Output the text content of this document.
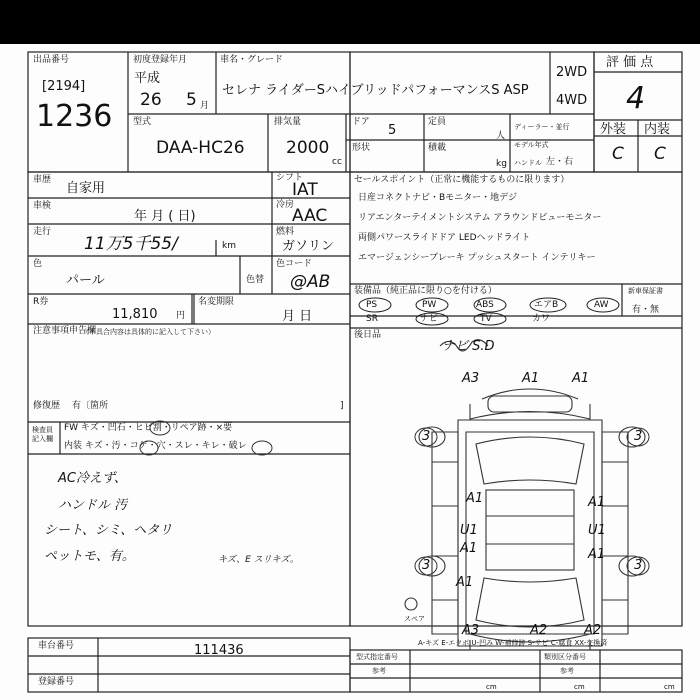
出品番号
[2194]
1236
初度登録年月
平成
26 5 月
車名・グレード
セレナ ライダーSハイブリッドパフォーマンスS ASP
2WD
4WD
評 価 点
4
外装 内装
C C
型式
DAA-HC26
排気量
2000
cc
ドア
5
形状
定員
人
積載
kg
ディーラー・並行
モデル年式
ハンドル 左・右
車歴
自家用
車検
年 月 ( 日)
走行
11万5千55/	km
色
パール	色替
R券
11,810 円
名変期限
月 日
シフト
IAT
冷房
AAC
燃料
ガソリン
色コード
@AB
セールスポイント（正常に機能するものに限ります）
日産コネクトナビ・Bモニター・地デジ
リアエンターテイメントシステム アラウンドビューモニター
両側パワースライドドア LEDヘッドライト
エマージェンシーブレーキ プッシュスタート インテリキー
装備品（純正品に限り○を付ける）
PS	PW	ABS	エアB	AW
SR	ナビ	TV	カワ
新車保証書
有・無
後日品
ナビ S.D
注意事項申告欄
（不具合内容は具体的に記入して下さい）
修復歴 有〔箇所	]
検査員記入欄
FW キズ・凹石・ヒビ割・リペア跡・×要
内装 キズ・汚・コゲ・穴・スレ・キレ・破レ
AC冷えず、
ハンドル 汚
シート、シミ、ヘタリ
ペットモ、有。	キズ、E スリキズ。
A3	A1	A1
3	3
A1	A1
U1	U1
A1	A1
3	3
A1
A3	A2	A2
スペア
A-キズ E-エクボ U-凹み W-補修跡 S-サビ C-腐食 XX-交換済
車台番号	111436
登録番号
型式指定番号	類別区分番号
参考	参考
cm	cm	cm
